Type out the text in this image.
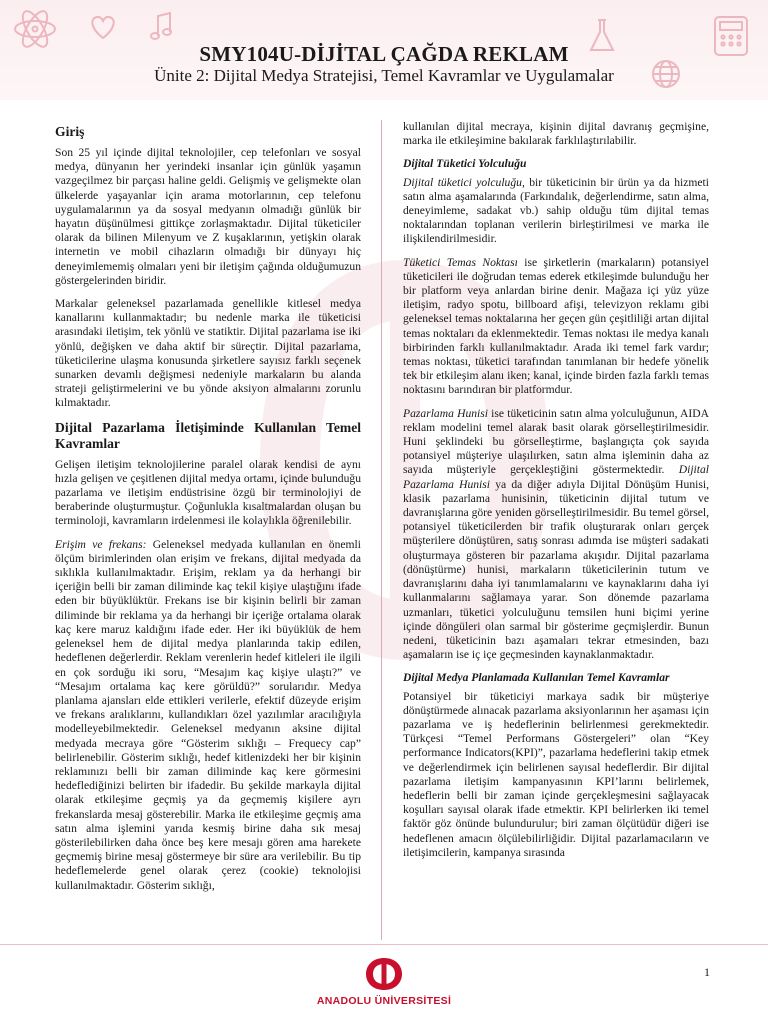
SMY104U-DİJİTAL ÇAĞDA REKLAM
Ünite 2: Dijital Medya Stratejisi, Temel Kavramlar ve Uygulamalar
Giriş

Son 25 yıl içinde dijital teknolojiler, cep telefonları ve sosyal medya, dünyanın her yerindeki insanlar için günlük yaşamın vazgeçilmez bir parçası haline geldi. Gelişmiş ve gelişmekte olan ülkelerde yaşayanlar için arama motorlarının, cep telefonu uygulamalarının ya da sosyal medyanın olmadığı günlük bir hayatın düşünülmesi gittikçe zorlaşmaktadır. Dijital tüketiciler olarak da bilinen Milenyum ve Z kuşaklarının, yetişkin olarak internetin ve mobil cihazların olmadığı bir dünyayı hiç deneyimlememiş olmaları yeni bir iletişim çağında olduğumuzun göstergelerinden biridir.

Markalar geleneksel pazarlamada genellikle kitlesel medya kanallarını kullanmaktadır; bu nedenle marka ile tüketicisi arasındaki iletişim, tek yönlü ve statiktir. Dijital pazarlama ise iki yönlü, değişken ve daha aktif bir süreçtir. Dijital pazarlama, tüketicilerine ulaşma konusunda şirketlere sayısız farklı seçenek sunarken devamlı değişmesi nedeniyle markaların bu alanda strateji geliştirmelerini ve bu yönde aksiyon almalarını zorunlu kılmaktadır.

Dijital Pazarlama İletişiminde Kullanılan Temel Kavramlar

Gelişen iletişim teknolojilerine paralel olarak kendisi de aynı hızla gelişen ve çeşitlenen dijital medya ortamı, içinde bulunduğu pazarlama ve iletişim endüstrisine özgü bir terminolojiyi de beraberinde oluşturmuştur. Çoğunlukla kısaltmalardan oluşan bu terminoloji, kavramların irdelenmesi ile kolaylıkla öğrenilebilir.

Erişim ve frekans: Geleneksel medyada kullanılan en önemli ölçüm birimlerinden olan erişim ve frekans, dijital medyada da sıklıkla kullanılmaktadır. Erişim, reklam ya da herhangi bir içeriğin belli bir zaman diliminde kaç tekil kişiye ulaştığını ifade eden bir büyüklüktür. Frekans ise bir kişinin belirli bir zaman diliminde bir reklama ya da herhangi bir içeriğe ortalama olarak kaç kere maruz kaldığını ifade eder. Her iki büyüklük de hem geleneksel hem de dijital medya planlarında takip edilen, hedeflenen değerlerdir. Reklam verenlerin hedef kitleleri ile ilgili en çok sorduğu iki soru, “Mesajım kaç kişiye ulaştı?” ve “Mesajım ortalama kaç kere görüldü?” sorularıdır. Medya planlama ajansları elde ettikleri verilerle, efektif düzeyde erişim ve frekans aralıklarını, kullandıkları özel yazılımlar aracılığıyla modelleyebilmektedir. Geleneksel medyanın aksine dijital medyada mecraya göre “Gösterim sıklığı – Frequecy cap” belirlenebilir. Gösterim sıklığı, hedef kitlenizdeki her bir kişinin reklamınızı belli bir zaman diliminde kaç kere görmesini hedeflediğinizi belirten bir ifadedir. Bu şekilde markayla dijital olarak etkileşime geçmiş ya da geçmemiş kişilere ayrı frekanslarda mesaj gösterebilir. Marka ile etkileşime geçmiş ama satın alma işlemini yarıda kesmiş birine daha sık mesaj gösterilebilirken daha önce beş kere mesajı gören ama harekete geçmemiş birine mesaj göstermeye bir süre ara verilebilir. Bu tip hedeflemelerde genel olarak çerez (cookie) teknolojisi kullanılmaktadır. Gösterim sıklığı,

kullanılan dijital mecraya, kişinin dijital davranış geçmişine, marka ile etkileşimine bakılarak farklılaştırılabilir.

Dijital Tüketici Yolculuğu

Dijital tüketici yolculuğu, bir tüketicinin bir ürün ya da hizmeti satın alma aşamalarında (Farkındalık, değerlendirme, satın alma, deneyimleme, sadakat vb.) sahip olduğu tüm dijital temas noktalarından toplanan verilerin birleştirilmesi ve marka ile ilişkilendirilmesidir.

Tüketici Temas Noktası ise şirketlerin (markaların) potansiyel tüketicileri ile doğrudan temas ederek etkileşimde bulunduğu her bir platform veya anlardan birine denir. Mağaza içi yüz yüze iletişim, radyo spotu, billboard afişi, televizyon reklamı gibi geleneksel temas noktalarına her geçen gün çeşitliliği artan dijital temas noktaları da eklenmektedir. Temas noktası ile medya kanalı birbirinden farklı kullanılmaktadır. Arada iki temel fark vardır; temas noktası, tüketici tarafından tanımlanan bir hedefe yönelik tek bir etkileşim alanı iken; kanal, içinde birden fazla farklı temas noktasını barındıran bir platformdur.

Pazarlama Hunisi ise tüketicinin satın alma yolculuğunun, AIDA reklam modelini temel alarak basit olarak görselleştirilmesidir. Huni şeklindeki bu görselleştirme, başlangıçta çok sayıda potansiyel müşteriye ulaşılırken, satın alma işleminin daha az sayıda müşteriyle gerçekleştiğini göstermektedir. Dijital Pazarlama Hunisi ya da diğer adıyla Dijital Dönüşüm Hunisi, klasik pazarlama hunisinin, tüketicinin dijital tutum ve davranışlarına göre yeniden görselleştirilmesidir. Bu temel görsel, potansiyel tüketicilerden bir trafik oluşturarak onları gerçek müşterilere dönüştüren, satış sonrası adımda ise müşteri sadakati oluşturmaya gösteren bir pazarlama akışıdır. Dijital pazarlama (dönüştürme) hunisi, markaların tüketicilerinin tutum ve davranışlarını daha iyi tanımlamalarını ve kaynaklarını daha iyi kullanmalarını sağlamaya yarar. Son dönemde pazarlama uzmanları, tüketici yolculuğunu temsilen huni biçimi yerine içinde döngüleri olan sarmal bir gösterime geçmişlerdir. Bunun nedeni, tüketicinin bazı aşamaları tekrar etmesinden, bazı aşamaların ise iç içe geçmesinden kaynaklanmaktadır.

Dijital Medya Planlamada Kullanılan Temel Kavramlar

Potansiyel bir tüketiciyi markaya sadık bir müşteriye dönüştürmede alınacak pazarlama aksiyonlarının her aşaması için pazarlama ve iş hedeflerinin belirlenmesi gerekmektedir. Türkçesi “Temel Performans Göstergeleri” olan “Key performance Indicators(KPI)”, pazarlama hedeflerini takip etmek ve değerlendirmek için belirlenen sayısal hedeflerdir. Bir dijital pazarlama iletişim kampanyasının KPI’larını belirlemek, hedeflerin belli bir zaman içinde gerçekleşmesini sağlayacak koşulları sayısal olarak ifade etmektir. KPI belirlerken iki temel faktör göz önünde bulundurulur; biri zaman ölçütüdür diğeri ise hedeflenen amacın ölçülebilirliğidir. Dijital pazarlamacıların ve iletişimcilerin, kampanya sırasında

ANADOLU ÜNİVERSİTESİ
1
